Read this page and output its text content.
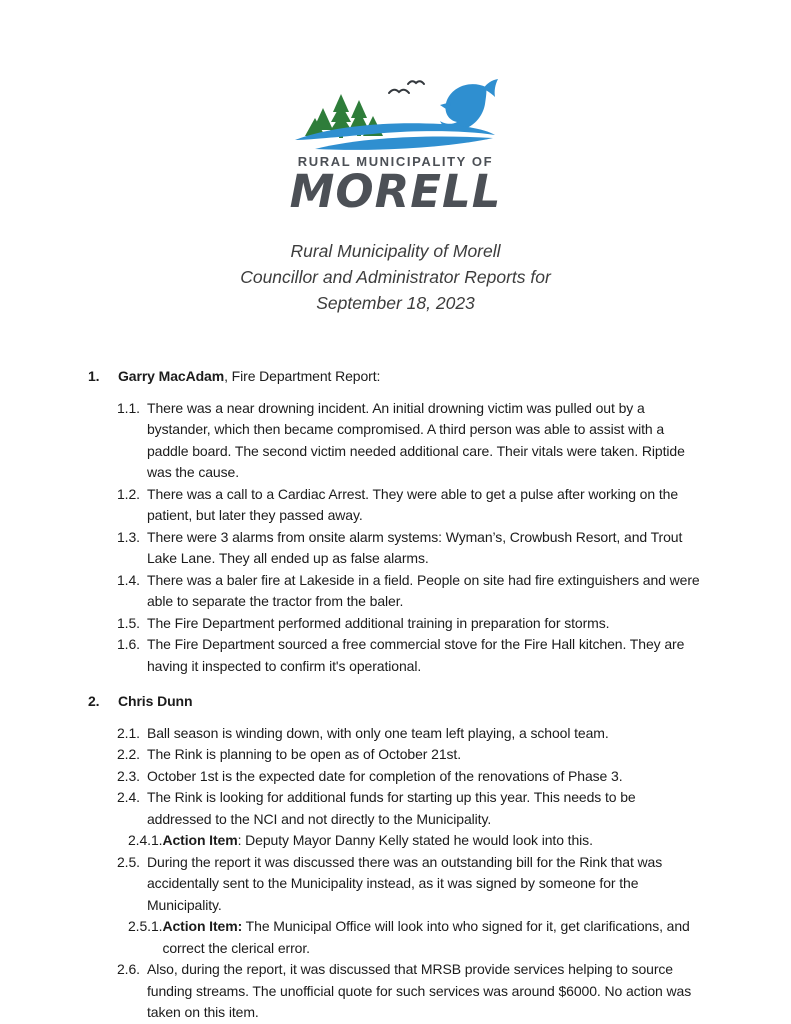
RURAL MUNICIPALITY OF
MORELL
Rural Municipality of Morell
Councillor and Administrator Reports for
September 18, 2023
1.	Garry MacAdam, Fire Department Report:
1.1. There was a near drowning incident. An initial drowning victim was pulled out by a bystander, which then became compromised. A third person was able to assist with a paddle board. The second victim needed additional care. Their vitals were taken. Riptide was the cause.
1.2. There was a call to a Cardiac Arrest. They were able to get a pulse after working on the patient, but later they passed away.
1.3. There were 3 alarms from onsite alarm systems: Wyman’s, Crowbush Resort, and Trout Lake Lane. They all ended up as false alarms.
1.4. There was a baler fire at Lakeside in a field. People on site had fire extinguishers and were able to separate the tractor from the baler.
1.5. The Fire Department performed additional training in preparation for storms.
1.6. The Fire Department sourced a free commercial stove for the Fire Hall kitchen. They are having it inspected to confirm it's operational.
2.	Chris Dunn
2.1. Ball season is winding down, with only one team left playing, a school team.
2.2. The Rink is planning to be open as of October 21st.
2.3. October 1st is the expected date for completion of the renovations of Phase 3.
2.4. The Rink is looking for additional funds for starting up this year. This needs to be addressed to the NCI and not directly to the Municipality.
2.4.1. Action Item: Deputy Mayor Danny Kelly stated he would look into this.
2.5. During the report it was discussed there was an outstanding bill for the Rink that was accidentally sent to the Municipality instead, as it was signed by someone for the Municipality.
2.5.1. Action Item: The Municipal Office will look into who signed for it, get clarifications, and correct the clerical error.
2.6. Also, during the report, it was discussed that MRSB provide services helping to source funding streams. The unofficial quote for such services was around $6000. No action was taken on this item.
